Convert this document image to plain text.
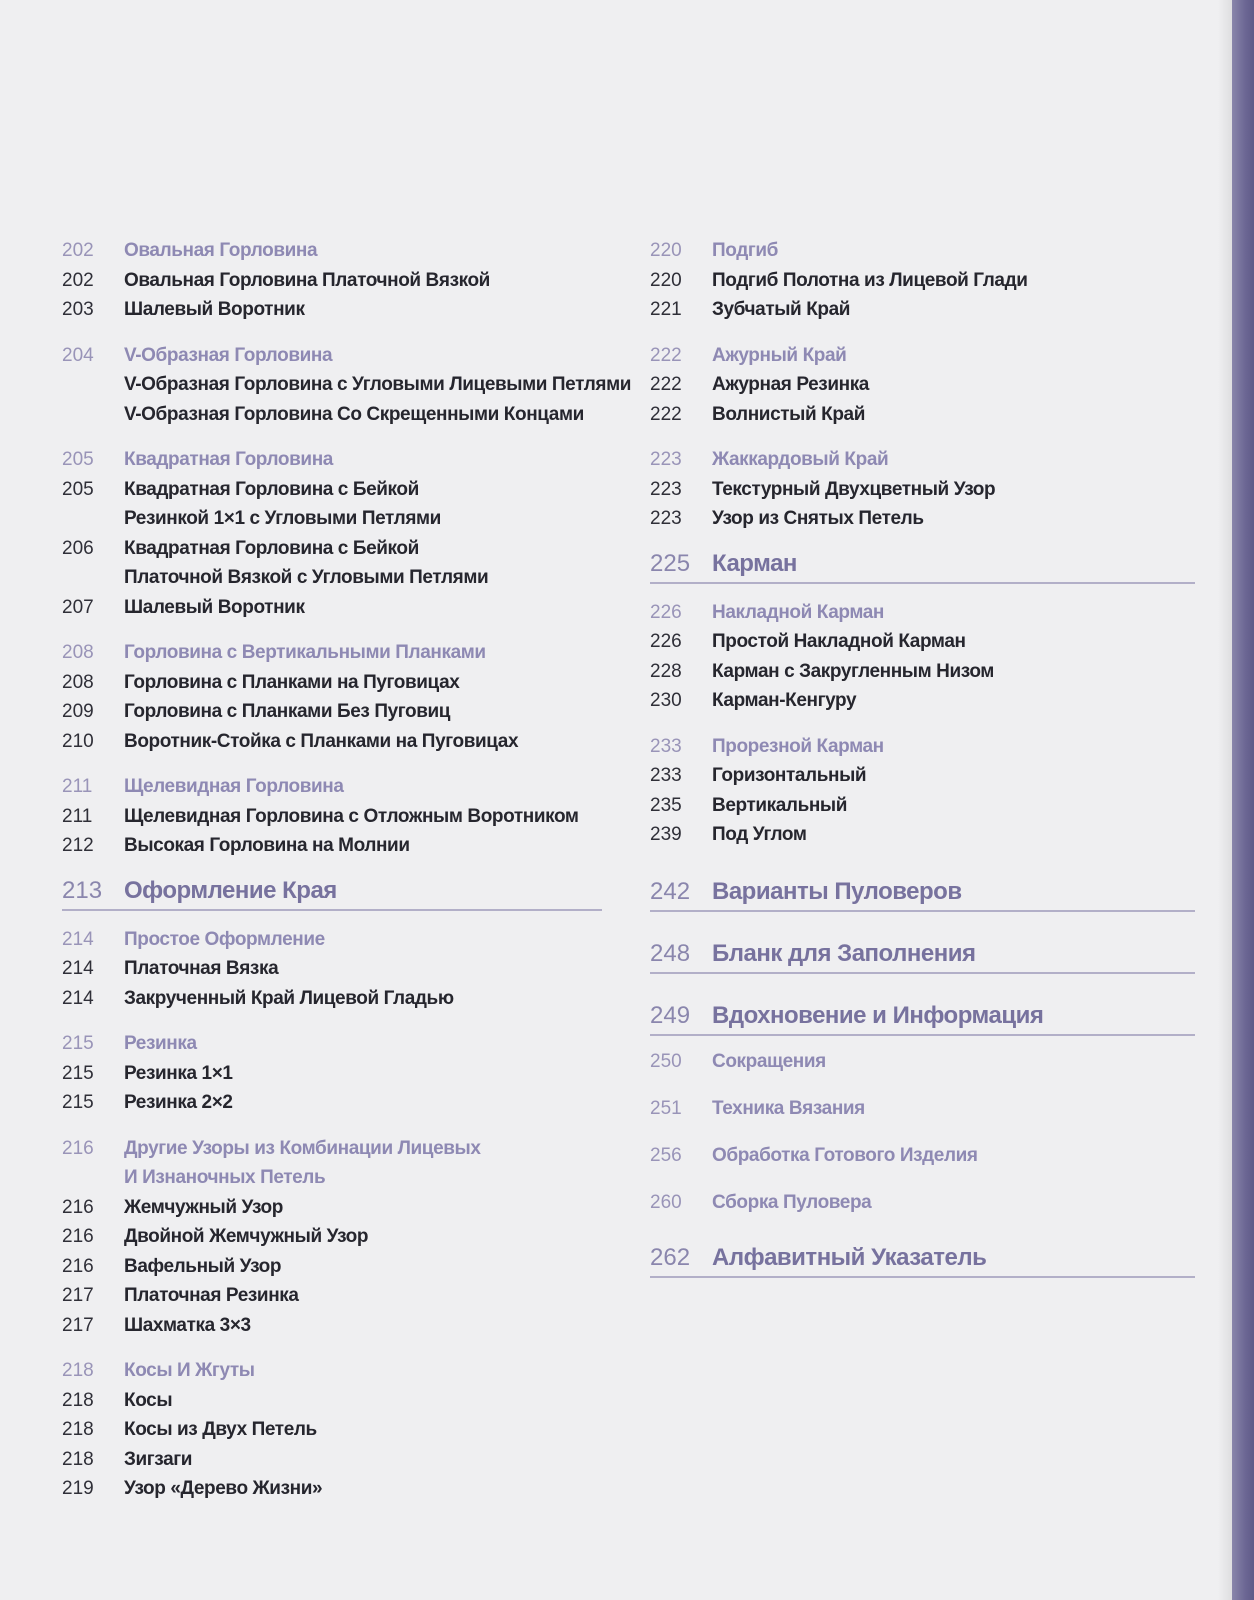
202	Овальная Горловина
202	Овальная Горловина Платочной Вязкой
203	Шалевый Воротник
204	V-Образная Горловина
V-Образная Горловина с Угловыми Лицевыми Петлями
V-Образная Горловина Со Скрещенными Концами
205	Квадратная Горловина
205	Квадратная Горловина с Бейкой
Резинкой 1×1 с Угловыми Петлями
206	Квадратная Горловина с Бейкой
Платочной Вязкой с Угловыми Петлями
207	Шалевый Воротник
208	Горловина с Вертикальными Планками
208	Горловина с Планками на Пуговицах
209	Горловина с Планками Без Пуговиц
210	Воротник-Стойка с Планками на Пуговицах
211	Щелевидная Горловина
211	Щелевидная Горловина с Отложным Воротником
212	Высокая Горловина на Молнии
213 Оформление Края
214	Простое Оформление
214	Платочная Вязка
214	Закрученный Край Лицевой Гладью
215	Резинка
215	Резинка 1×1
215	Резинка 2×2
216	Другие Узоры из Комбинации Лицевых
И Изнаночных Петель
216	Жемчужный Узор
216	Двойной Жемчужный Узор
216	Вафельный Узор
217	Платочная Резинка
217	Шахматка 3×3
218	Косы И Жгуты
218	Косы
218	Косы из Двух Петель
218	Зигзаги
219	Узор «Дерево Жизни»
220	Подгиб
220	Подгиб Полотна из Лицевой Глади
221	Зубчатый Край
222	Ажурный Край
222	Ажурная Резинка
222	Волнистый Край
223	Жаккардовый Край
223	Текстурный Двухцветный Узор
223	Узор из Снятых Петель
225 Карман
226	Накладной Карман
226	Простой Накладной Карман
228	Карман с Закругленным Низом
230	Карман-Кенгуру
233	Прорезной Карман
233	Горизонтальный
235	Вертикальный
239	Под Углом
242 Варианты Пуловеров
248 Бланк для Заполнения
249 Вдохновение и Информация
250	Сокращения
251	Техника Вязания
256	Обработка Готового Изделия
260	Сборка Пуловера
262 Алфавитный Указатель
